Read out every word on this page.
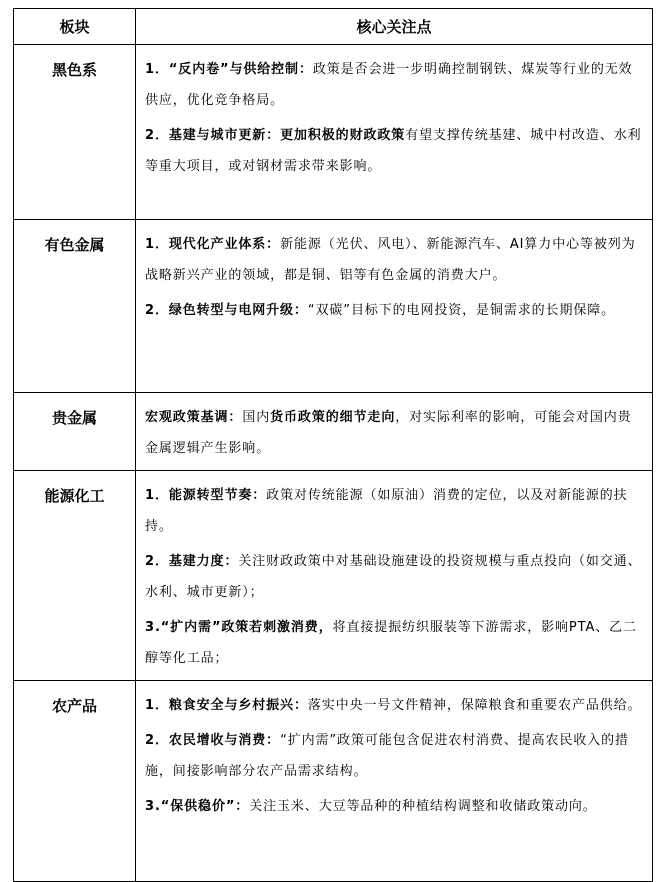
板块	核心关注点
黑色系	1．“反内卷”与供给控制：政策是否会进一步明确控制钢铁、煤炭等行业的无效供应，优化竞争格局。

2．基建与城市更新：更加积极的财政政策有望支撑传统基建、城中村改造、水利等重大项目，或对钢材需求带来影响。

有色金属	1．现代化产业体系：新能源（光伏、风电）、新能源汽车、AI算力中心等被列为战略新兴产业的领域，都是铜、铝等有色金属的消费大户。

2．绿色转型与电网升级：“双碳”目标下的电网投资，是铜需求的长期保障。

贵金属	宏观政策基调：国内货币政策的细节走向，对实际利率的影响，可能会对国内贵金属逻辑产生影响。

能源化工	1．能源转型节奏：政策对传统能源（如原油）消费的定位，以及对新能源的扶持。

2．基建力度：关注财政政策中对基础设施建设的投资规模与重点投向（如交通、水利、城市更新）；

3.“扩内需”政策若刺激消费，将直接提振纺织服装等下游需求，影响PTA、乙二醇等化工品；

农产品	1．粮食安全与乡村振兴：落实中央一号文件精神，保障粮食和重要农产品供给。

2．农民增收与消费：“扩内需”政策可能包含促进农村消费、提高农民收入的措施，间接影响部分农产品需求结构。

3.“保供稳价”：关注玉米、大豆等品种的种植结构调整和收储政策动向。
